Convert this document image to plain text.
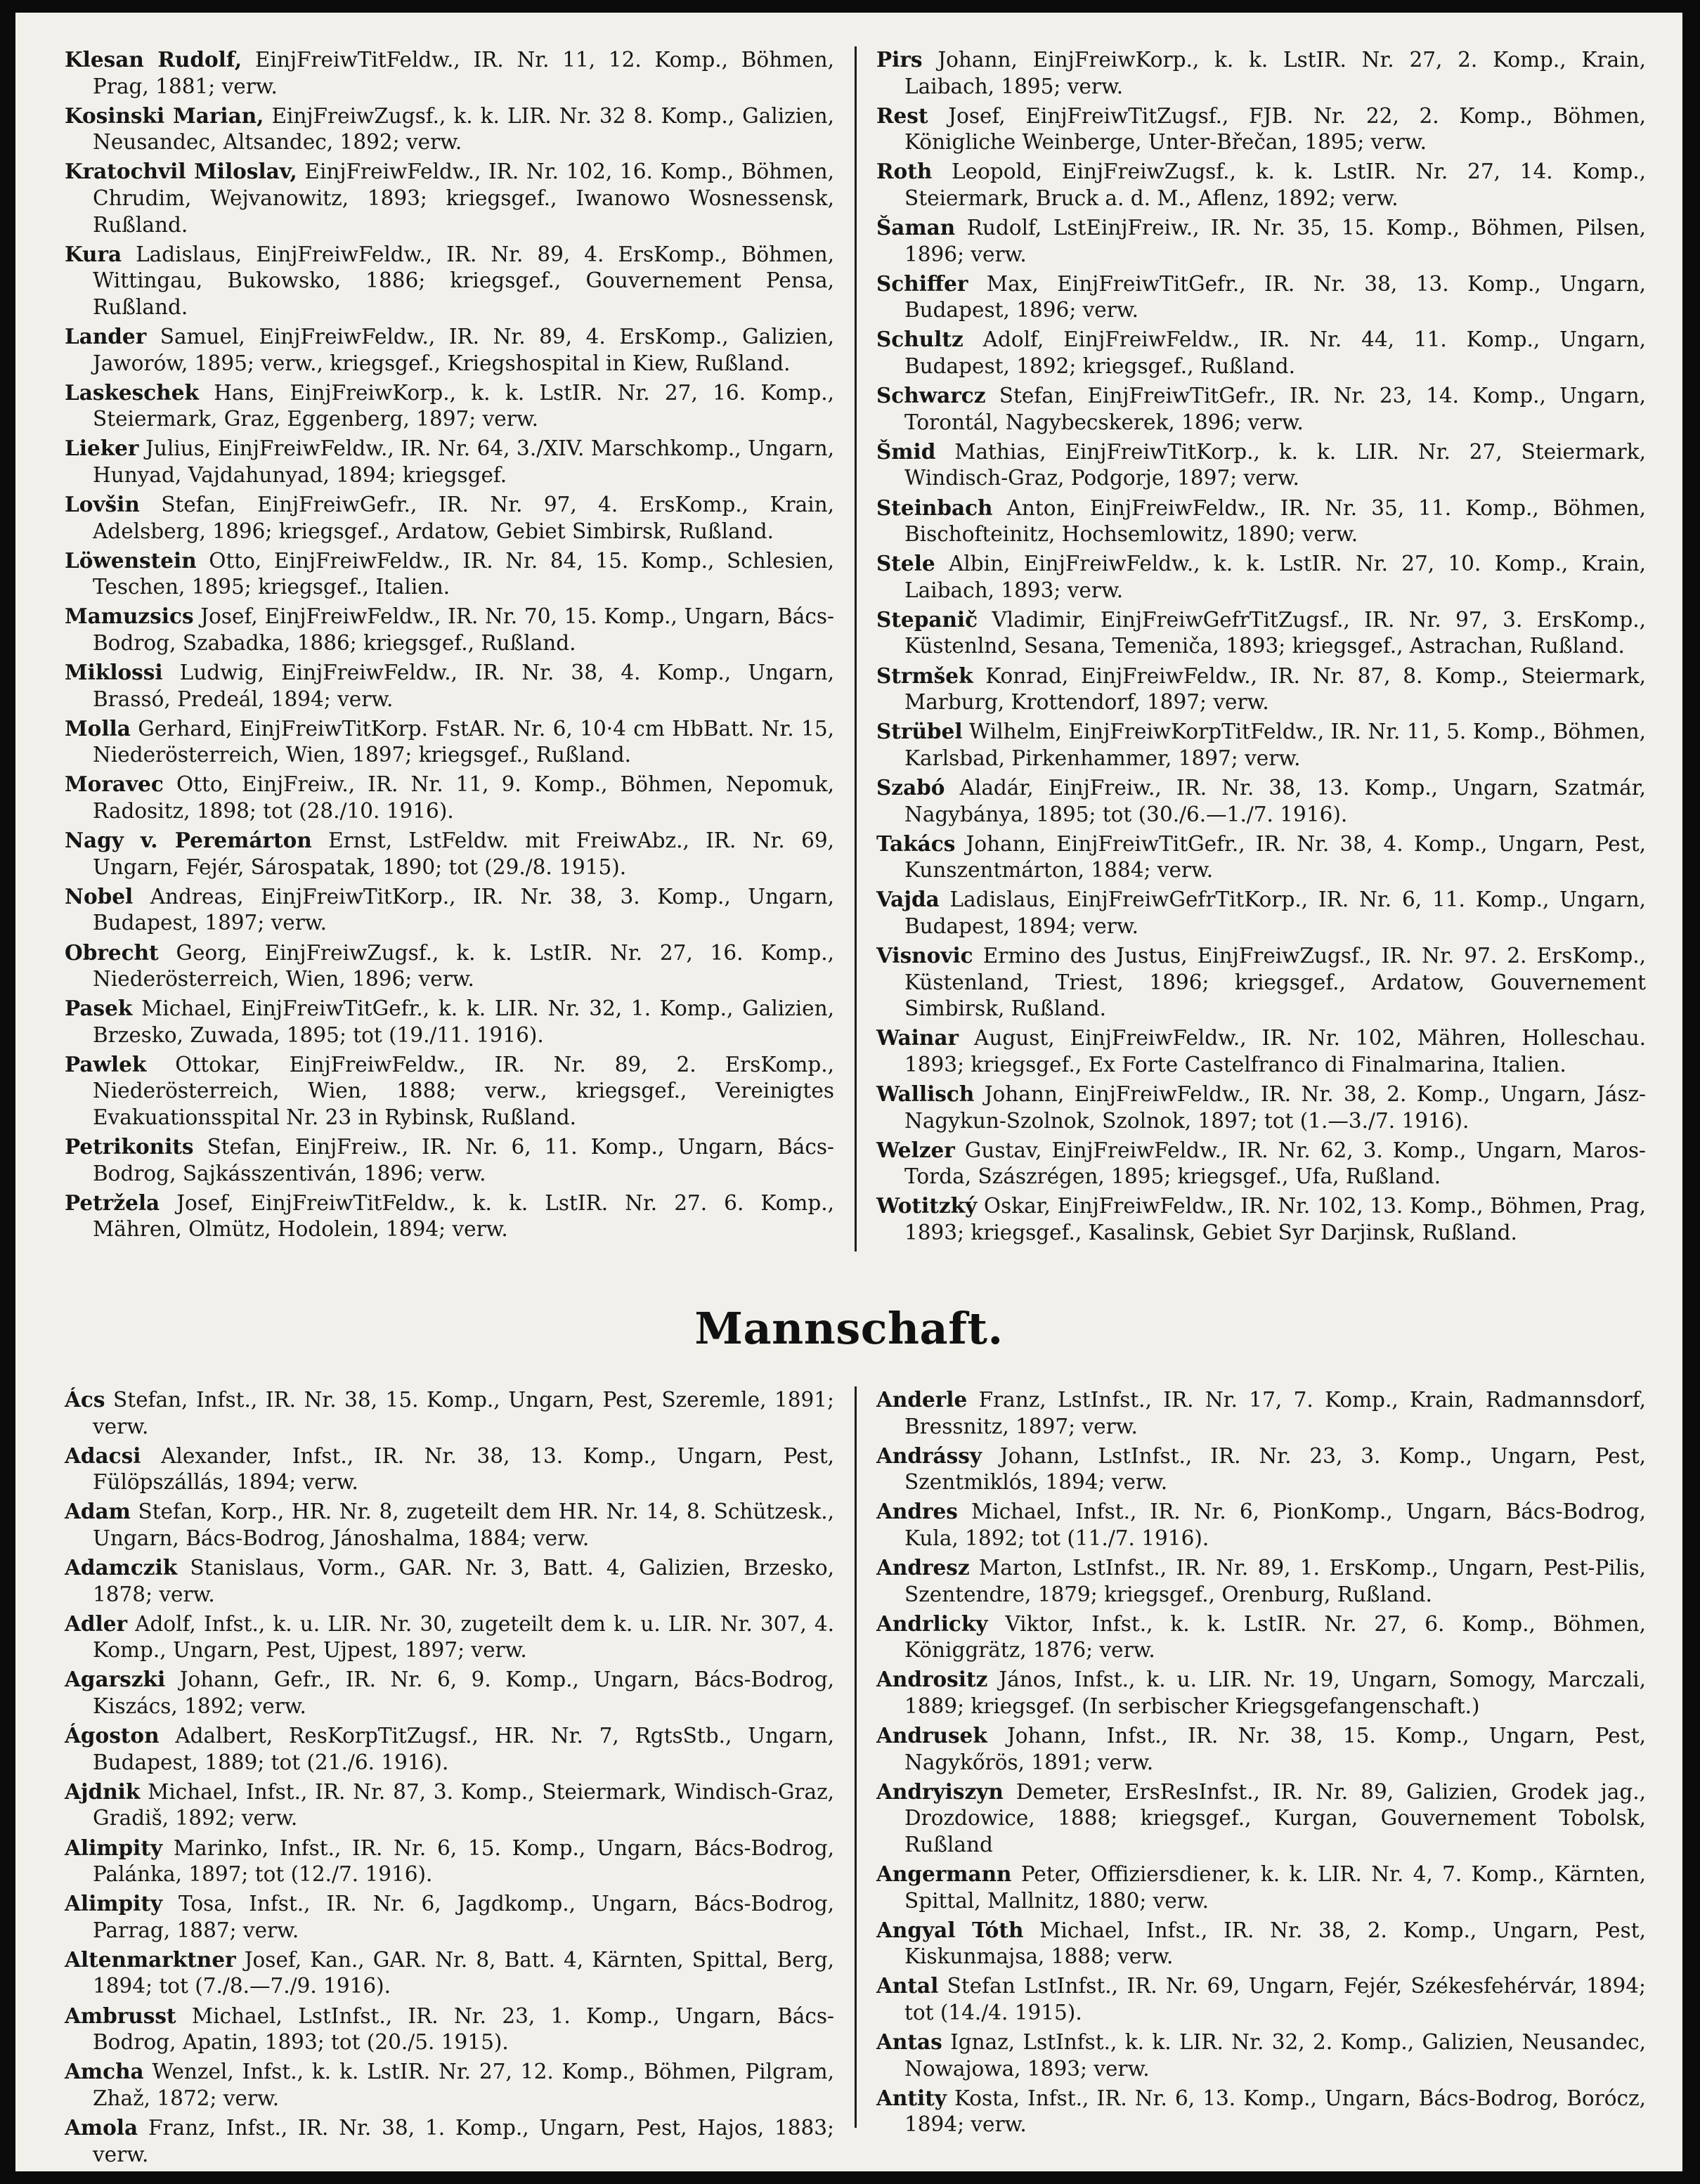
Klesan Rudolf, EinjFreiwTitFeldw., IR. Nr. 11, 12. Komp., Böhmen, Prag, 1881; verw.

Kosinski Marian, EinjFreiwZugsf., k. k. LIR. Nr. 32 8. Komp., Galizien, Neusandec, Altsandec, 1892; verw.

Kratochvil Miloslav, EinjFreiwFeldw., IR. Nr. 102, 16. Komp., Böhmen, Chrudim, Wejvanowitz, 1893; kriegsgef., Iwanowo Wosnessensk, Rußland.

Kura Ladislaus, EinjFreiwFeldw., IR. Nr. 89, 4. ErsKomp., Böhmen, Wittingau, Bukowsko, 1886; kriegsgef., Gouvernement Pensa, Rußland.

Lander Samuel, EinjFreiwFeldw., IR. Nr. 89, 4. ErsKomp., Galizien, Jaworów, 1895; verw., kriegsgef., Kriegshospital in Kiew, Rußland.

Laskeschek Hans, EinjFreiwKorp., k. k. LstIR. Nr. 27, 16. Komp., Steiermark, Graz, Eggenberg, 1897; verw.

Lieker Julius, EinjFreiwFeldw., IR. Nr. 64, 3./XIV. Marschkomp., Ungarn, Hunyad, Vajdahunyad, 1894; kriegsgef.

Lovšin Stefan, EinjFreiwGefr., IR. Nr. 97, 4. ErsKomp., Krain, Adelsberg, 1896; kriegsgef., Ardatow, Gebiet Simbirsk, Rußland.

Löwenstein Otto, EinjFreiwFeldw., IR. Nr. 84, 15. Komp., Schlesien, Teschen, 1895; kriegsgef., Italien.

Mamuzsics Josef, EinjFreiwFeldw., IR. Nr. 70, 15. Komp., Ungarn, Bács-Bodrog, Szabadka, 1886; kriegsgef., Rußland.

Miklossi Ludwig, EinjFreiwFeldw., IR. Nr. 38, 4. Komp., Ungarn, Brassó, Predeál, 1894; verw.

Molla Gerhard, EinjFreiwTitKorp. FstAR. Nr. 6, 10·4 cm HbBatt. Nr. 15, Niederösterreich, Wien, 1897; kriegsgef., Rußland.

Moravec Otto, EinjFreiw., IR. Nr. 11, 9. Komp., Böhmen, Nepomuk, Radositz, 1898; tot (28./10. 1916).

Nagy v. Peremárton Ernst, LstFeldw. mit FreiwAbz., IR. Nr. 69, Ungarn, Fejér, Sárospatak, 1890; tot (29./8. 1915).

Nobel Andreas, EinjFreiwTitKorp., IR. Nr. 38, 3. Komp., Ungarn, Budapest, 1897; verw.

Obrecht Georg, EinjFreiwZugsf., k. k. LstIR. Nr. 27, 16. Komp., Niederösterreich, Wien, 1896; verw.

Pasek Michael, EinjFreiwTitGefr., k. k. LIR. Nr. 32, 1. Komp., Galizien, Brzesko, Zuwada, 1895; tot (19./11. 1916).

Pawlek Ottokar, EinjFreiwFeldw., IR. Nr. 89, 2. ErsKomp., Niederösterreich, Wien, 1888; verw., kriegsgef., Vereinigtes Evakuationsspital Nr. 23 in Rybinsk, Rußland.

Petrikonits Stefan, EinjFreiw., IR. Nr. 6, 11. Komp., Ungarn, Bács-Bodrog, Sajkásszentiván, 1896; verw.

Petržela Josef, EinjFreiwTitFeldw., k. k. LstIR. Nr. 27. 6. Komp., Mähren, Olmütz, Hodolein, 1894; verw.

Pirs Johann, EinjFreiwKorp., k. k. LstIR. Nr. 27, 2. Komp., Krain, Laibach, 1895; verw.

Rest Josef, EinjFreiwTitZugsf., FJB. Nr. 22, 2. Komp., Böhmen, Königliche Weinberge, Unter-Břečan, 1895; verw.

Roth Leopold, EinjFreiwZugsf., k. k. LstIR. Nr. 27, 14. Komp., Steiermark, Bruck a. d. M., Aflenz, 1892; verw.

Šaman Rudolf, LstEinjFreiw., IR. Nr. 35, 15. Komp., Böhmen, Pilsen, 1896; verw.

Schiffer Max, EinjFreiwTitGefr., IR. Nr. 38, 13. Komp., Ungarn, Budapest, 1896; verw.

Schultz Adolf, EinjFreiwFeldw., IR. Nr. 44, 11. Komp., Ungarn, Budapest, 1892; kriegsgef., Rußland.

Schwarcz Stefan, EinjFreiwTitGefr., IR. Nr. 23, 14. Komp., Ungarn, Torontál, Nagybecskerek, 1896; verw.

Šmid Mathias, EinjFreiwTitKorp., k. k. LIR. Nr. 27, Steiermark, Windisch-Graz, Podgorje, 1897; verw.

Steinbach Anton, EinjFreiwFeldw., IR. Nr. 35, 11. Komp., Böhmen, Bischofteinitz, Hochsemlowitz, 1890; verw.

Stele Albin, EinjFreiwFeldw., k. k. LstIR. Nr. 27, 10. Komp., Krain, Laibach, 1893; verw.

Stepanič Vladimir, EinjFreiwGefrTitZugsf., IR. Nr. 97, 3. ErsKomp., Küstenlnd, Sesana, Temeniča, 1893; kriegsgef., Astrachan, Rußland.

Strmšek Konrad, EinjFreiwFeldw., IR. Nr. 87, 8. Komp., Steiermark, Marburg, Krottendorf, 1897; verw.

Strübel Wilhelm, EinjFreiwKorpTitFeldw., IR. Nr. 11, 5. Komp., Böhmen, Karlsbad, Pirkenhammer, 1897; verw.

Szabó Aladár, EinjFreiw., IR. Nr. 38, 13. Komp., Ungarn, Szatmár, Nagybánya, 1895; tot (30./6.—1./7. 1916).

Takács Johann, EinjFreiwTitGefr., IR. Nr. 38, 4. Komp., Ungarn, Pest, Kunszentmárton, 1884; verw.

Vajda Ladislaus, EinjFreiwGefrTitKorp., IR. Nr. 6, 11. Komp., Ungarn, Budapest, 1894; verw.

Visnovic Ermino des Justus, EinjFreiwZugsf., IR. Nr. 97. 2. ErsKomp., Küstenland, Triest, 1896; kriegsgef., Ardatow, Gouvernement Simbirsk, Rußland.

Wainar August, EinjFreiwFeldw., IR. Nr. 102, Mähren, Holleschau. 1893; kriegsgef., Ex Forte Castelfranco di Finalmarina, Italien.

Wallisch Johann, EinjFreiwFeldw., IR. Nr. 38, 2. Komp., Ungarn, Jász-Nagykun-Szolnok, Szolnok, 1897; tot (1.—3./7. 1916).

Welzer Gustav, EinjFreiwFeldw., IR. Nr. 62, 3. Komp., Ungarn, Maros-Torda, Szászrégen, 1895; kriegsgef., Ufa, Rußland.

Wotitzký Oskar, EinjFreiwFeldw., IR. Nr. 102, 13. Komp., Böhmen, Prag, 1893; kriegsgef., Kasalinsk, Gebiet Syr Darjinsk, Rußland.

Mannschaft.

Ács Stefan, Infst., IR. Nr. 38, 15. Komp., Ungarn, Pest, Szeremle, 1891; verw.

Adacsi Alexander, Infst., IR. Nr. 38, 13. Komp., Ungarn, Pest, Fülöpszállás, 1894; verw.

Adam Stefan, Korp., HR. Nr. 8, zugeteilt dem HR. Nr. 14, 8. Schützesk., Ungarn, Bács-Bodrog, Jánoshalma, 1884; verw.

Adamczik Stanislaus, Vorm., GAR. Nr. 3, Batt. 4, Galizien, Brzesko, 1878; verw.

Adler Adolf, Infst., k. u. LIR. Nr. 30, zugeteilt dem k. u. LIR. Nr. 307, 4. Komp., Ungarn, Pest, Ujpest, 1897; verw.

Agarszki Johann, Gefr., IR. Nr. 6, 9. Komp., Ungarn, Bács-Bodrog, Kiszács, 1892; verw.

Ágoston Adalbert, ResKorpTitZugsf., HR. Nr. 7, RgtsStb., Ungarn, Budapest, 1889; tot (21./6. 1916).

Ajdnik Michael, Infst., IR. Nr. 87, 3. Komp., Steiermark, Windisch-Graz, Gradiš, 1892; verw.

Alimpity Marinko, Infst., IR. Nr. 6, 15. Komp., Ungarn, Bács-Bodrog, Palánka, 1897; tot (12./7. 1916).

Alimpity Tosa, Infst., IR. Nr. 6, Jagdkomp., Ungarn, Bács-Bodrog, Parrag, 1887; verw.

Altenmarktner Josef, Kan., GAR. Nr. 8, Batt. 4, Kärnten, Spittal, Berg, 1894; tot (7./8.—7./9. 1916).

Ambrusst Michael, LstInfst., IR. Nr. 23, 1. Komp., Ungarn, Bács-Bodrog, Apatin, 1893; tot (20./5. 1915).

Amcha Wenzel, Infst., k. k. LstIR. Nr. 27, 12. Komp., Böhmen, Pilgram, Zhaž, 1872; verw.

Amola Franz, Infst., IR. Nr. 38, 1. Komp., Ungarn, Pest, Hajos, 1883; verw.

Anderle Franz, LstInfst., IR. Nr. 17, 7. Komp., Krain, Radmannsdorf, Bressnitz, 1897; verw.

Andrássy Johann, LstInfst., IR. Nr. 23, 3. Komp., Ungarn, Pest, Szentmiklós, 1894; verw.

Andres Michael, Infst., IR. Nr. 6, PionKomp., Ungarn, Bács-Bodrog, Kula, 1892; tot (11./7. 1916).

Andresz Marton, LstInfst., IR. Nr. 89, 1. ErsKomp., Ungarn, Pest-Pilis, Szentendre, 1879; kriegsgef., Orenburg, Rußland.

Andrlicky Viktor, Infst., k. k. LstIR. Nr. 27, 6. Komp., Böhmen, Königgrätz, 1876; verw.

Andrositz János, Infst., k. u. LIR. Nr. 19, Ungarn, Somogy, Marczali, 1889; kriegsgef. (In serbischer Kriegsgefangenschaft.)

Andrusek Johann, Infst., IR. Nr. 38, 15. Komp., Ungarn, Pest, Nagykőrös, 1891; verw.

Andryiszyn Demeter, ErsResInfst., IR. Nr. 89, Galizien, Grodek jag., Drozdowice, 1888; kriegsgef., Kurgan, Gouvernement Tobolsk, Rußland

Angermann Peter, Offiziersdiener, k. k. LIR. Nr. 4, 7. Komp., Kärnten, Spittal, Mallnitz, 1880; verw.

Angyal Tóth Michael, Infst., IR. Nr. 38, 2. Komp., Ungarn, Pest, Kiskunmajsa, 1888; verw.

Antal Stefan LstInfst., IR. Nr. 69, Ungarn, Fejér, Székesfehérvár, 1894; tot (14./4. 1915).

Antas Ignaz, LstInfst., k. k. LIR. Nr. 32, 2. Komp., Galizien, Neusandec, Nowajowa, 1893; verw.

Antity Kosta, Infst., IR. Nr. 6, 13. Komp., Ungarn, Bács-Bodrog, Borócz, 1894; verw.
